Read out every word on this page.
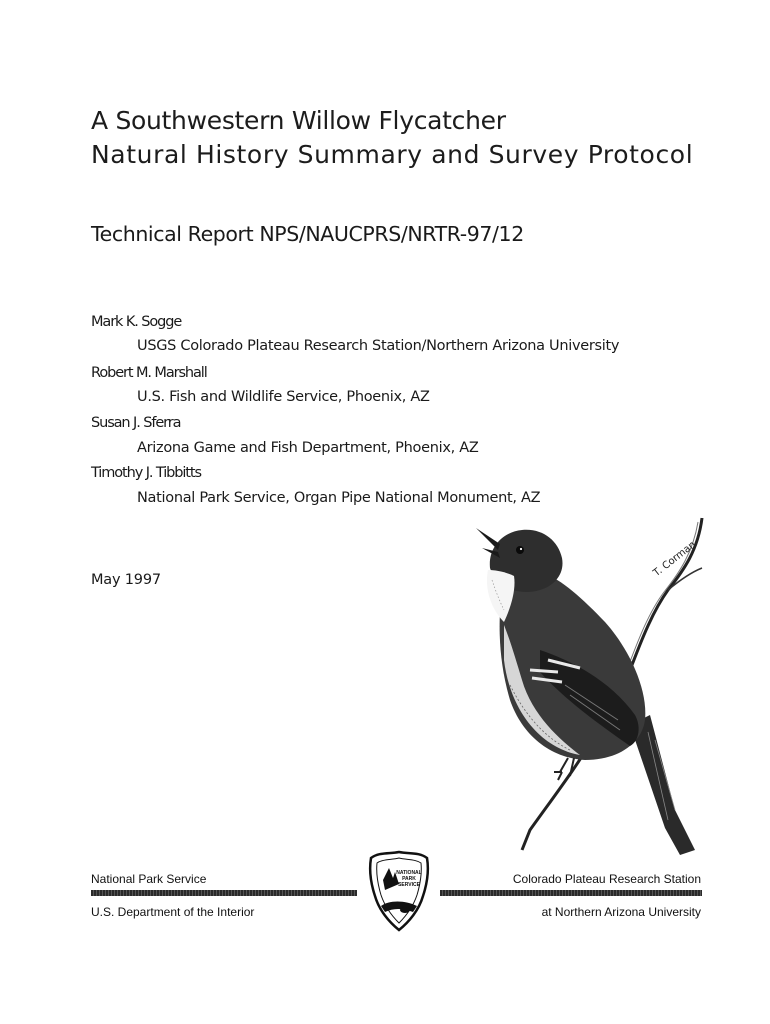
A Southwestern Willow Flycatcher
Natural History Summary and Survey Protocol
Technical Report NPS/NAUCPRS/NRTR-97/12
Mark K. Sogge
USGS Colorado Plateau Research Station/Northern Arizona University
Robert M. Marshall
U.S. Fish and Wildlife Service, Phoenix, AZ
Susan J. Sferra
Arizona Game and Fish Department, Phoenix, AZ
Timothy J. Tibbitts
National Park Service, Organ Pipe National Monument, AZ
May 1997
T. Corman
National Park Service
U.S. Department of the Interior
NATIONAL
PARK
SERVICE	Colorado Plateau Research Station
at Northern Arizona University
